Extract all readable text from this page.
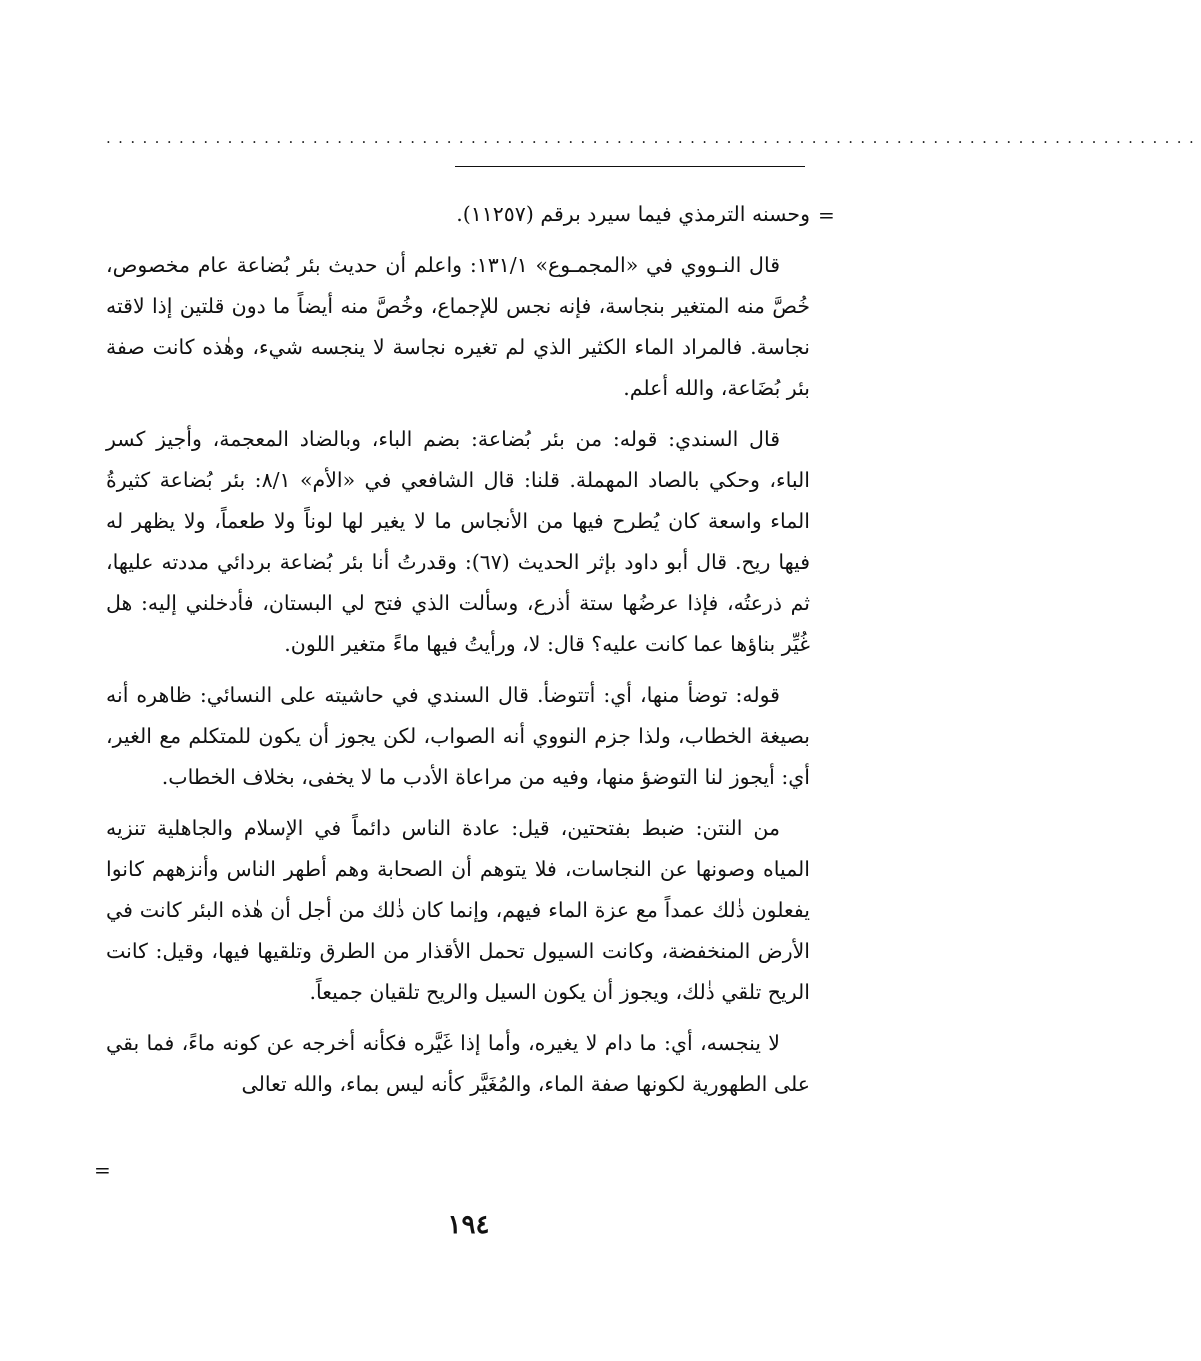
..........................................................................................
=

وحسنه الترمذي فيما سيرد برقم (١١٢٥٧).

قال النـووي في «المجمـوع» ١٣١/١: واعلم أن حديث بئر بُضاعة عام مخصوص، خُصَّ منه المتغير بنجاسة، فإنه نجس للإجماع، وخُصَّ منه أيضاً ما دون قلتين إذا لاقته نجاسة. فالمراد الماء الكثير الذي لم تغيره نجاسة لا ينجسه شيء، وهٰذه كانت صفة بئر بُضَاعة، والله أعلم.

قال السندي: قوله: من بئر بُضاعة: بضم الباء، وبالضاد المعجمة، وأجيز كسر الباء، وحكي بالصاد المهملة. قلنا: قال الشافعي في «الأم» ٨/١: بئر بُضاعة كثيرةُ الماء واسعة كان يُطرح فيها من الأنجاس ما لا يغير لها لوناً ولا طعماً، ولا يظهر له فيها ريح. قال أبو داود بإثر الحديث (٦٧): وقدرتُ أنا بئر بُضاعة بردائي مددته عليها، ثم ذرعتُه، فإذا عرضُها ستة أذرع، وسألت الذي فتح لي البستان، فأدخلني إليه: هل غُيِّر بناؤها عما كانت عليه؟ قال: لا، ورأيتُ فيها ماءً متغير اللون.

قوله: توضأ منها، أي: أتتوضأ. قال السندي في حاشيته على النسائي: ظاهره أنه بصيغة الخطاب، ولذا جزم النووي أنه الصواب، لكن يجوز أن يكون للمتكلم مع الغير، أي: أيجوز لنا التوضؤ منها، وفيه من مراعاة الأدب ما لا يخفى، بخلاف الخطاب.

من النتن: ضبط بفتحتين، قيل: عادة الناس دائماً في الإسلام والجاهلية تنزيه المياه وصونها عن النجاسات، فلا يتوهم أن الصحابة وهم أطهر الناس وأنزههم كانوا يفعلون ذٰلك عمداً مع عزة الماء فيهم، وإنما كان ذٰلك من أجل أن هٰذه البئر كانت في الأرض المنخفضة، وكانت السيول تحمل الأقذار من الطرق وتلقيها فيها، وقيل: كانت الريح تلقي ذٰلك، ويجوز أن يكون السيل والريح تلقيان جميعاً.

لا ينجسه، أي: ما دام لا يغيره، وأما إذا غَيَّره فكأنه أخرجه عن كونه ماءً، فما بقي على الطهورية لكونها صفة الماء، والمُغَيَّر كأنه ليس بماء، والله تعالى

=
١٩٤
